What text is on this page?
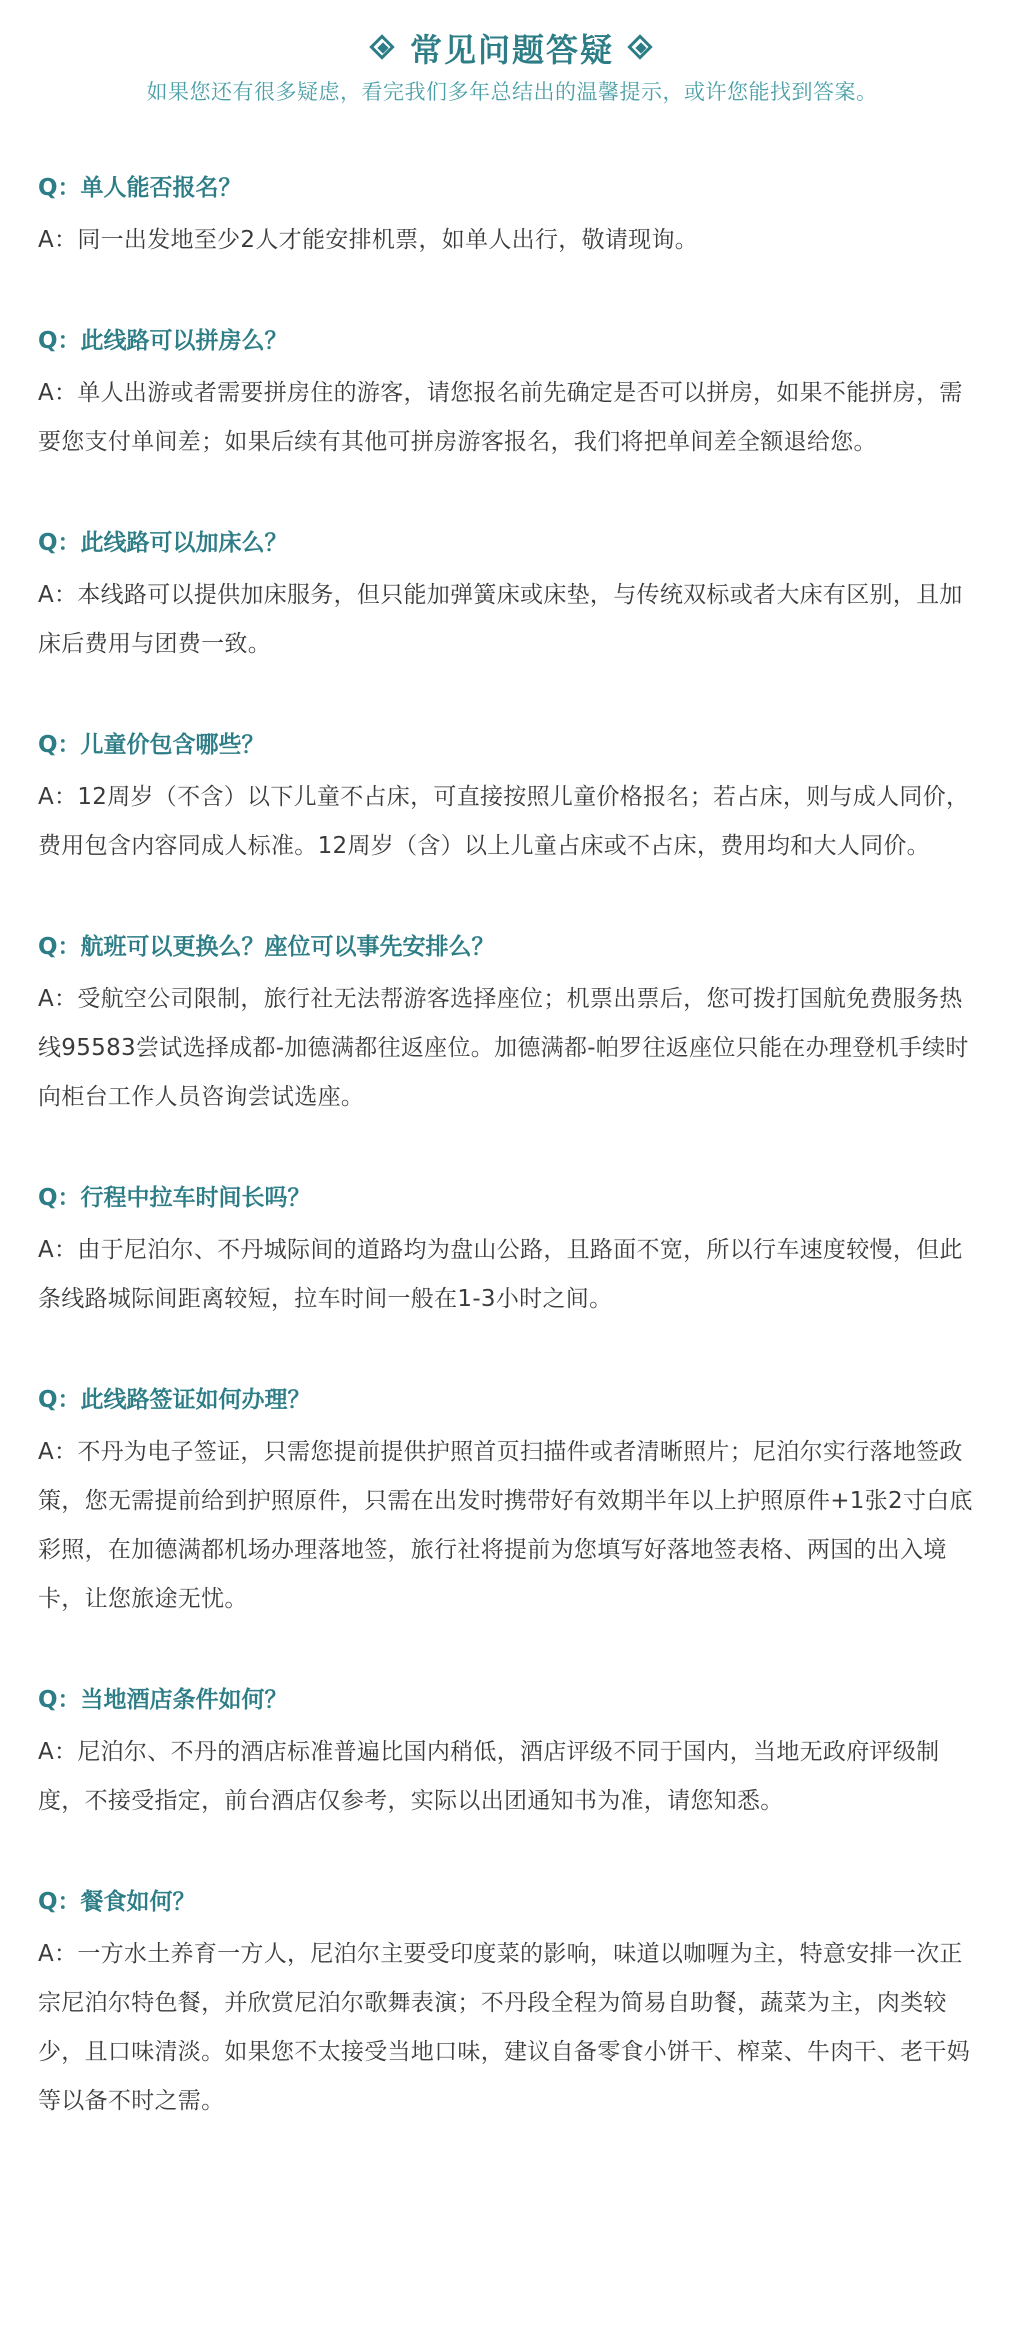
常见问题答疑
如果您还有很多疑虑，看完我们多年总结出的温馨提示，或许您能找到答案。
Q：单人能否报名？
A：同一出发地至少2人才能安排机票，如单人出行，敬请现询。
Q：此线路可以拼房么？
A：单人出游或者需要拼房住的游客，请您报名前先确定是否可以拼房，如果不能拼房，需要您支付单间差；如果后续有其他可拼房游客报名，我们将把单间差全额退给您。
Q：此线路可以加床么？
A：本线路可以提供加床服务，但只能加弹簧床或床垫，与传统双标或者大床有区别，且加床后费用与团费一致。
Q：儿童价包含哪些？
A：12周岁（不含）以下儿童不占床，可直接按照儿童价格报名；若占床，则与成人同价，费用包含内容同成人标准。12周岁（含）以上儿童占床或不占床，费用均和大人同价。
Q：航班可以更换么？座位可以事先安排么？
A：受航空公司限制，旅行社无法帮游客选择座位；机票出票后，您可拨打国航免费服务热线95583尝试选择成都-加德满都往返座位。加德满都-帕罗往返座位只能在办理登机手续时向柜台工作人员咨询尝试选座。
Q：行程中拉车时间长吗？
A：由于尼泊尔、不丹城际间的道路均为盘山公路，且路面不宽，所以行车速度较慢，但此条线路城际间距离较短，拉车时间一般在1-3小时之间。
Q：此线路签证如何办理？
A：不丹为电子签证，只需您提前提供护照首页扫描件或者清晰照片；尼泊尔实行落地签政策，您无需提前给到护照原件，只需在出发时携带好有效期半年以上护照原件+1张2寸白底彩照，在加德满都机场办理落地签，旅行社将提前为您填写好落地签表格、两国的出入境卡，让您旅途无忧。
Q：当地酒店条件如何？
A：尼泊尔、不丹的酒店标准普遍比国内稍低，酒店评级不同于国内，当地无政府评级制度，不接受指定，前台酒店仅参考，实际以出团通知书为准，请您知悉。
Q：餐食如何？
A：一方水土养育一方人，尼泊尔主要受印度菜的影响，味道以咖喱为主，特意安排一次正宗尼泊尔特色餐，并欣赏尼泊尔歌舞表演；不丹段全程为简易自助餐，蔬菜为主，肉类较少，且口味清淡。如果您不太接受当地口味，建议自备零食小饼干、榨菜、牛肉干、老干妈等以备不时之需。
